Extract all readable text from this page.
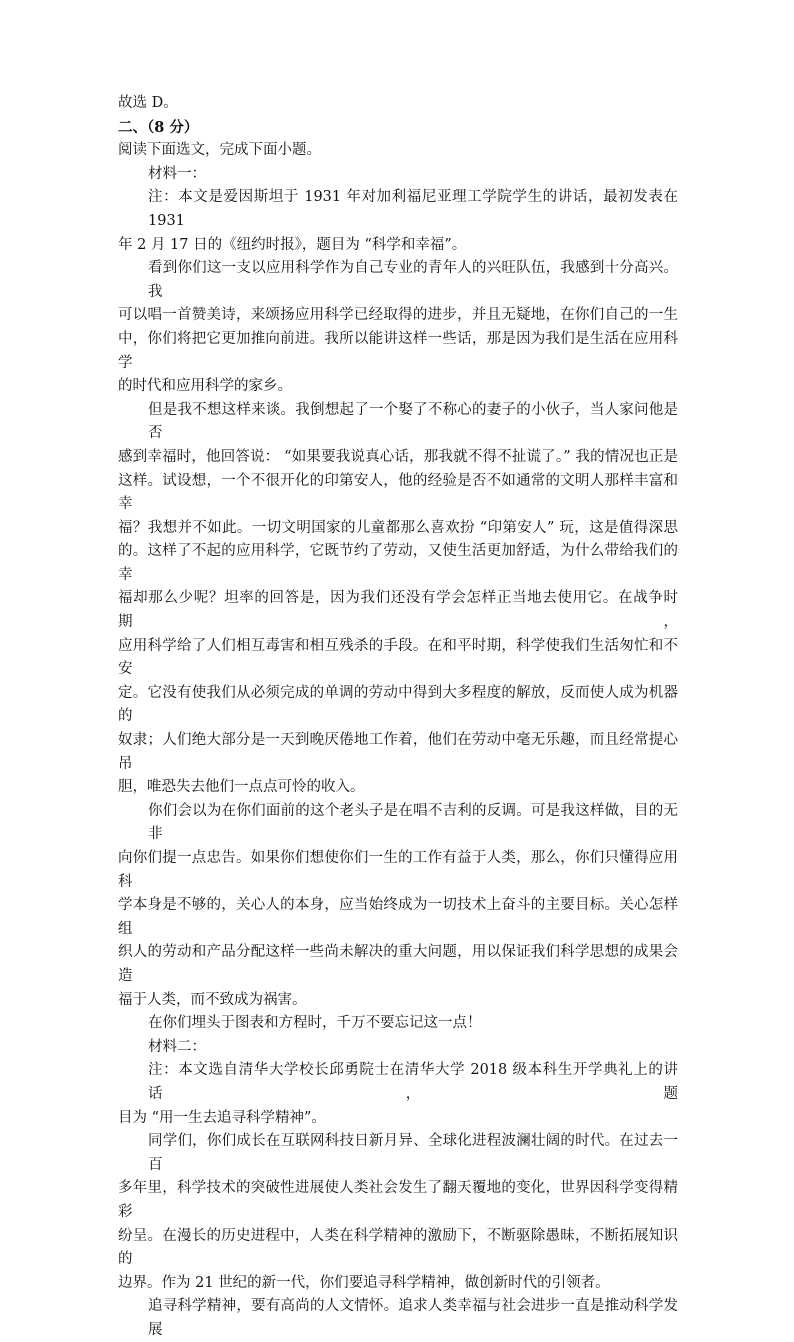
故选 D。

二、（8 分）

阅读下面选文，完成下面小题。

材料一：

注：本文是爱因斯坦于 1931 年对加利福尼亚理工学院学生的讲话，最初发表在 1931

年 2 月 17 日的《纽约时报》，题目为 “科学和幸福”。

看到你们这一支以应用科学作为自己专业的青年人的兴旺队伍，我感到十分高兴。我

可以唱一首赞美诗，来颂扬应用科学已经取得的进步，并且无疑地，在你们自己的一生

中，你们将把它更加推向前进。我所以能讲这样一些话，那是因为我们是生活在应用科学

的时代和应用科学的家乡。

但是我不想这样来谈。我倒想起了一个娶了不称心的妻子的小伙子，当人家问他是否

感到幸福时，他回答说： “如果要我说真心话，那我就不得不扯谎了。” 我的情况也正是

这样。试设想，一个不很开化的印第安人，他的经验是否不如通常的文明人那样丰富和幸

福？我想并不如此。一切文明国家的儿童都那么喜欢扮 “印第安人” 玩，这是值得深思

的。这样了不起的应用科学，它既节约了劳动，又使生活更加舒适，为什么带给我们的幸

福却那么少呢？坦率的回答是，因为我们还没有学会怎样正当地去使用它。在战争时期，

应用科学给了人们相互毒害和相互残杀的手段。在和平时期，科学使我们生活匆忙和不安

定。它没有使我们从必须完成的单调的劳动中得到大多程度的解放，反而使人成为机器的

奴隶；人们绝大部分是一天到晚厌倦地工作着，他们在劳动中毫无乐趣，而且经常提心吊

胆，唯恐失去他们一点点可怜的收入。

你们会以为在你们面前的这个老头子是在唱不吉利的反调。可是我这样做，目的无非

向你们提一点忠告。如果你们想使你们一生的工作有益于人类，那么，你们只懂得应用科

学本身是不够的，关心人的本身，应当始终成为一切技术上奋斗的主要目标。关心怎样组

织人的劳动和产品分配这样一些尚未解决的重大问题，用以保证我们科学思想的成果会造

福于人类，而不致成为祸害。

在你们埋头于图表和方程时，千万不要忘记这一点！

材料二：

注：本文选自清华大学校长邱勇院士在清华大学 2018 级本科生开学典礼上的讲话，题

目为 “用一生去追寻科学精神”。

同学们，你们成长在互联网科技日新月异、全球化进程波澜壮阔的时代。在过去一百

多年里，科学技术的突破性进展使人类社会发生了翻天覆地的变化，世界因科学变得精彩

纷呈。在漫长的历史进程中，人类在科学精神的激励下，不断驱除愚昧，不断拓展知识的

边界。作为 21 世纪的新一代，你们要追寻科学精神，做创新时代的引领者。

追寻科学精神，要有高尚的人文情怀。追求人类幸福与社会进步一直是推动科学发展
